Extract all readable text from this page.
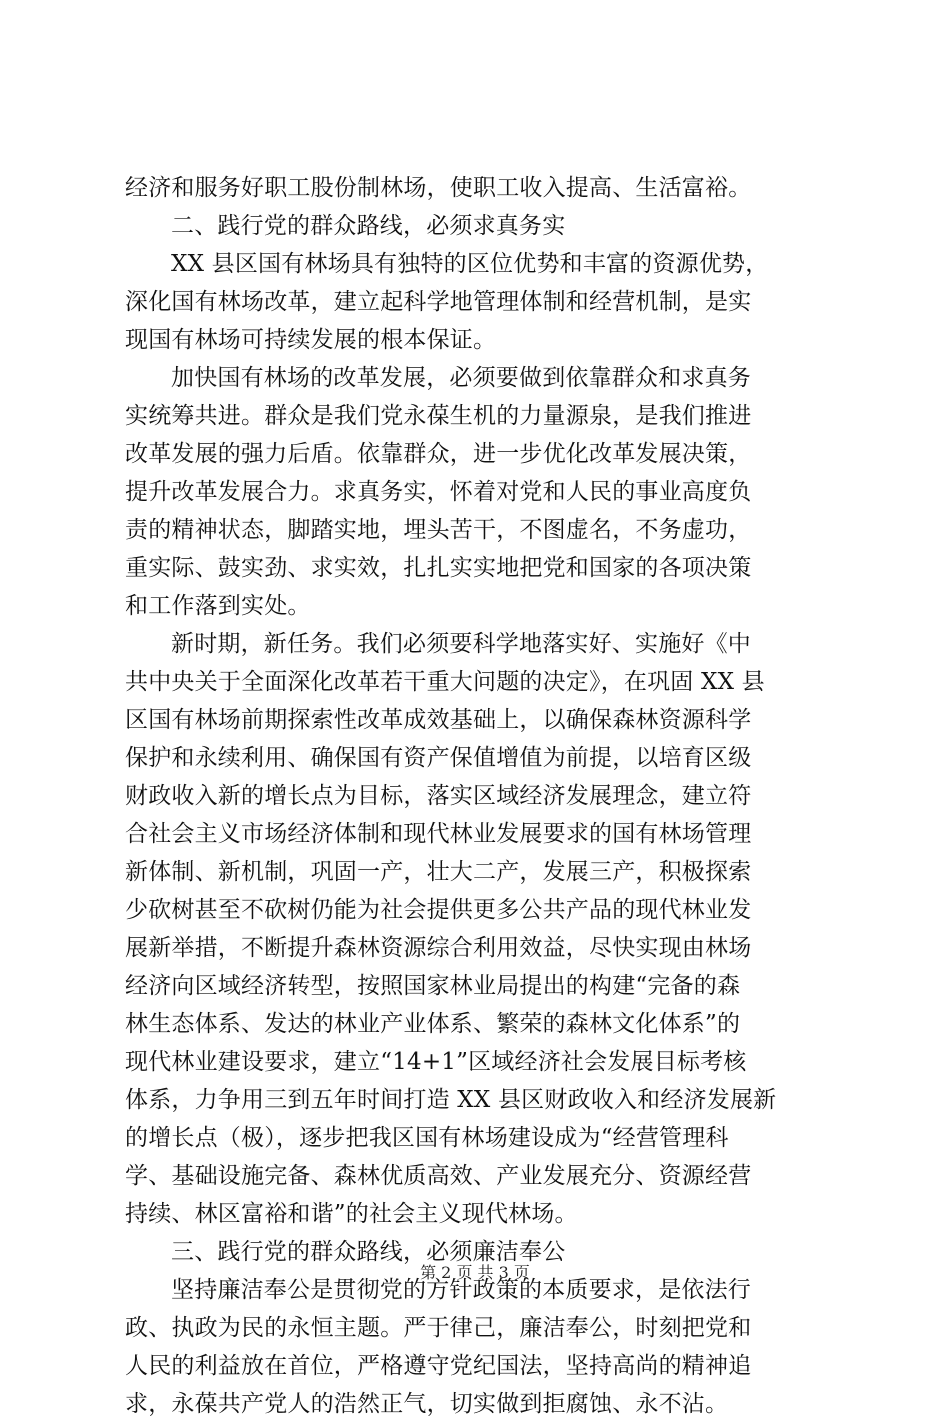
经济和服务好职工股份制林场，使职工收入提高、生活富裕。
二、践行党的群众路线，必须求真务实
XX 县区国有林场具有独特的区位优势和丰富的资源优势，
深化国有林场改革，建立起科学地管理体制和经营机制，是实
现国有林场可持续发展的根本保证。
加快国有林场的改革发展，必须要做到依靠群众和求真务
实统筹共进。群众是我们党永葆生机的力量源泉，是我们推进
改革发展的强力后盾。依靠群众，进一步优化改革发展决策，
提升改革发展合力。求真务实，怀着对党和人民的事业高度负
责的精神状态，脚踏实地，埋头苦干，不图虚名，不务虚功，
重实际、鼓实劲、求实效，扎扎实实地把党和国家的各项决策
和工作落到实处。
新时期，新任务。我们必须要科学地落实好、实施好《中
共中央关于全面深化改革若干重大问题的决定》，在巩固 XX 县
区国有林场前期探索性改革成效基础上，以确保森林资源科学
保护和永续利用、确保国有资产保值增值为前提，以培育区级
财政收入新的增长点为目标，落实区域经济发展理念，建立符
合社会主义市场经济体制和现代林业发展要求的国有林场管理
新体制、新机制，巩固一产，壮大二产，发展三产，积极探索
少砍树甚至不砍树仍能为社会提供更多公共产品的现代林业发
展新举措，不断提升森林资源综合利用效益，尽快实现由林场
经济向区域经济转型，按照国家林业局提出的构建“完备的森
林生态体系、发达的林业产业体系、繁荣的森林文化体系”的
现代林业建设要求，建立“14+1”区域经济社会发展目标考核
体系，力争用三到五年时间打造 XX 县区财政收入和经济发展新
的增长点（极），逐步把我区国有林场建设成为“经营管理科
学、基础设施完备、森林优质高效、产业发展充分、资源经营
持续、林区富裕和谐”的社会主义现代林场。
三、践行党的群众路线，必须廉洁奉公
坚持廉洁奉公是贯彻党的方针政策的本质要求，是依法行
政、执政为民的永恒主题。严于律己，廉洁奉公，时刻把党和
人民的利益放在首位，严格遵守党纪国法，坚持高尚的精神追
求，永葆共产党人的浩然正气，切实做到拒腐蚀、永不沾。
第 2 页 共 3 页
